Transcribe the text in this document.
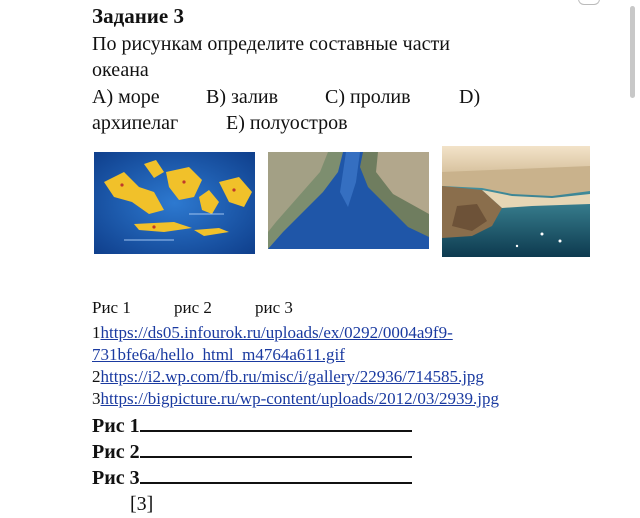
Задание 3
По рисункам определите составные части
океана
A) море B) залив C) пролив D)
архипелаг E) полуостров
Рис 1	рис 2	рис 3
1https://ds05.infourok.ru/uploads/ex/0292/0004a9f9-
731bfe6a/hello_html_m4764a611.gif
2https://i2.wp.com/fb.ru/misc/i/gallery/22936/714585.jpg
3https://bigpicture.ru/wp-content/uploads/2012/03/2939.jpg
Рис 1
Рис 2
Рис 3
[3]
